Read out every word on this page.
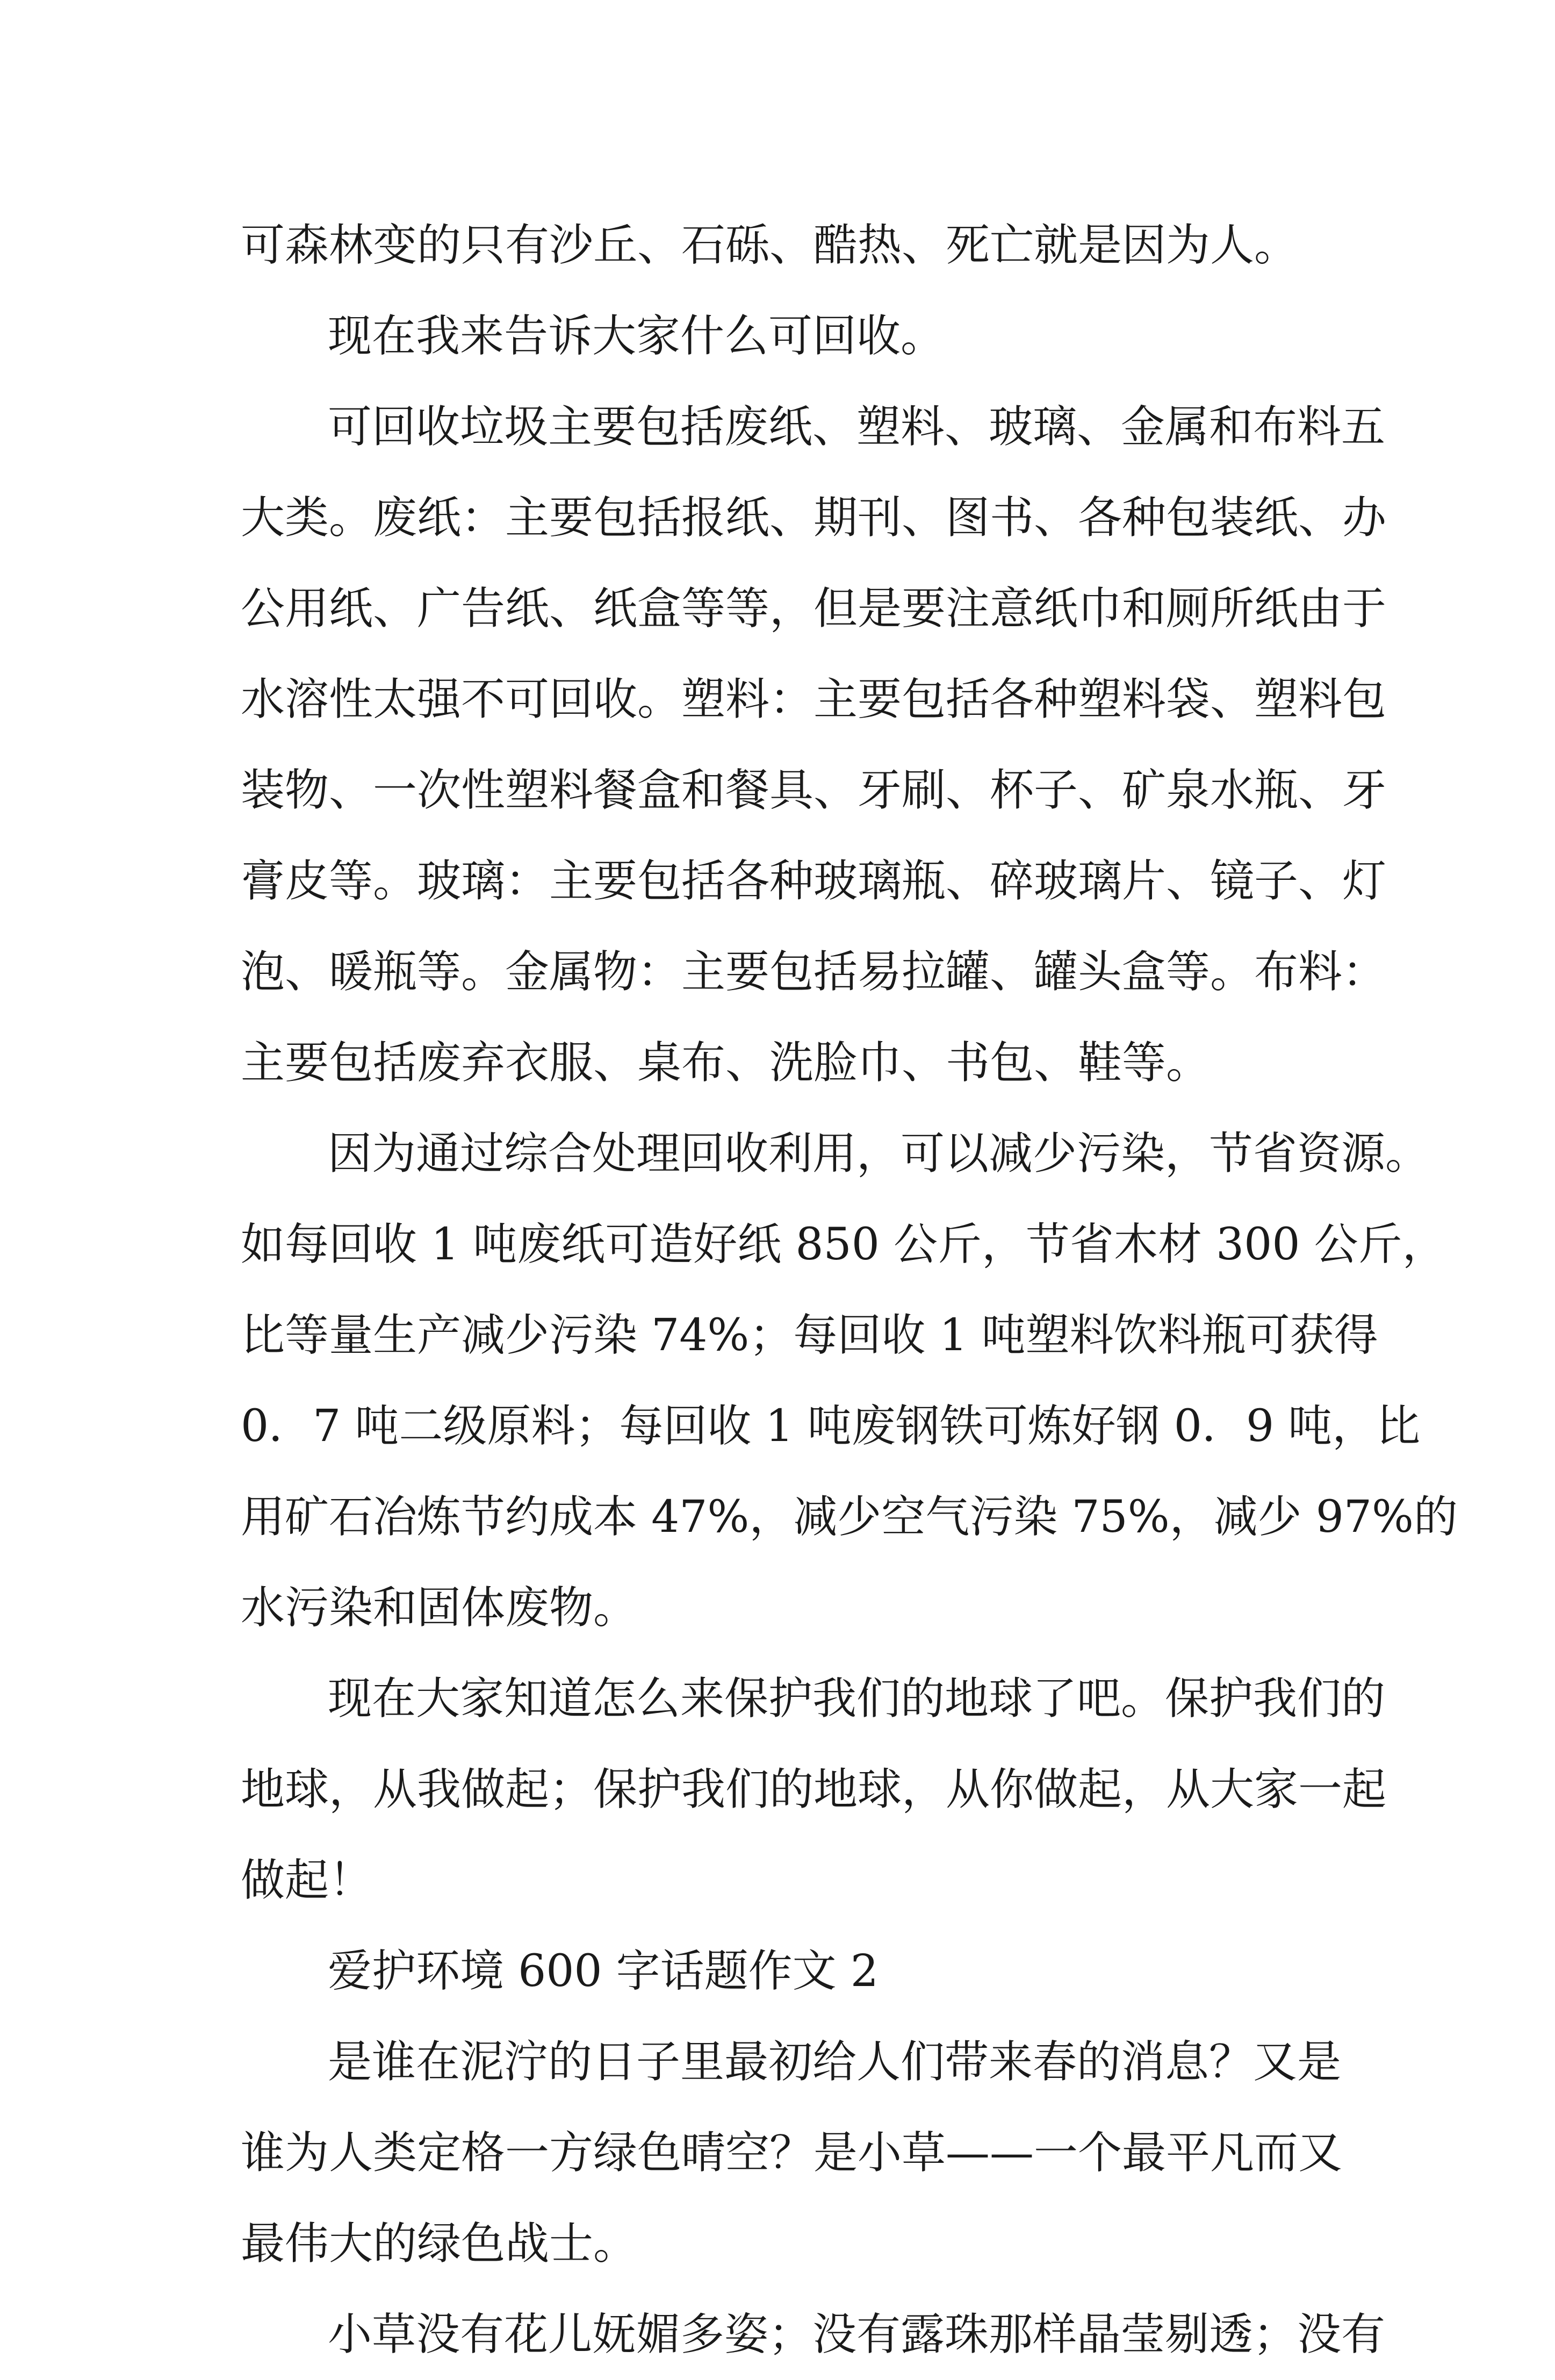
可森林变的只有沙丘、石砾、酷热、死亡就是因为人。
现在我来告诉大家什么可回收。
可回收垃圾主要包括废纸、塑料、玻璃、金属和布料五
大类。废纸：主要包括报纸、期刊、图书、各种包装纸、办
公用纸、广告纸、纸盒等等，但是要注意纸巾和厕所纸由于
水溶性太强不可回收。塑料：主要包括各种塑料袋、塑料包
装物、一次性塑料餐盒和餐具、牙刷、杯子、矿泉水瓶、牙
膏皮等。玻璃：主要包括各种玻璃瓶、碎玻璃片、镜子、灯
泡、暖瓶等。金属物：主要包括易拉罐、罐头盒等。布料：
主要包括废弃衣服、桌布、洗脸巾、书包、鞋等。
因为通过综合处理回收利用，可以减少污染，节省资源。
如每回收 1 吨废纸可造好纸 850 公斤，节省木材 300 公斤，
比等量生产减少污染 74%；每回收 1 吨塑料饮料瓶可获得
0．7 吨二级原料；每回收 1 吨废钢铁可炼好钢 0．9 吨，比
用矿石冶炼节约成本 47%，减少空气污染 75%，减少 97%的
水污染和固体废物。
现在大家知道怎么来保护我们的地球了吧。保护我们的
地球，从我做起；保护我们的地球，从你做起，从大家一起
做起！
爱护环境 600 字话题作文 2
是谁在泥泞的日子里最初给人们带来春的消息？又是
谁为人类定格一方绿色晴空？是小草——一个最平凡而又
最伟大的绿色战士。
小草没有花儿妩媚多姿；没有露珠那样晶莹剔透；没有
